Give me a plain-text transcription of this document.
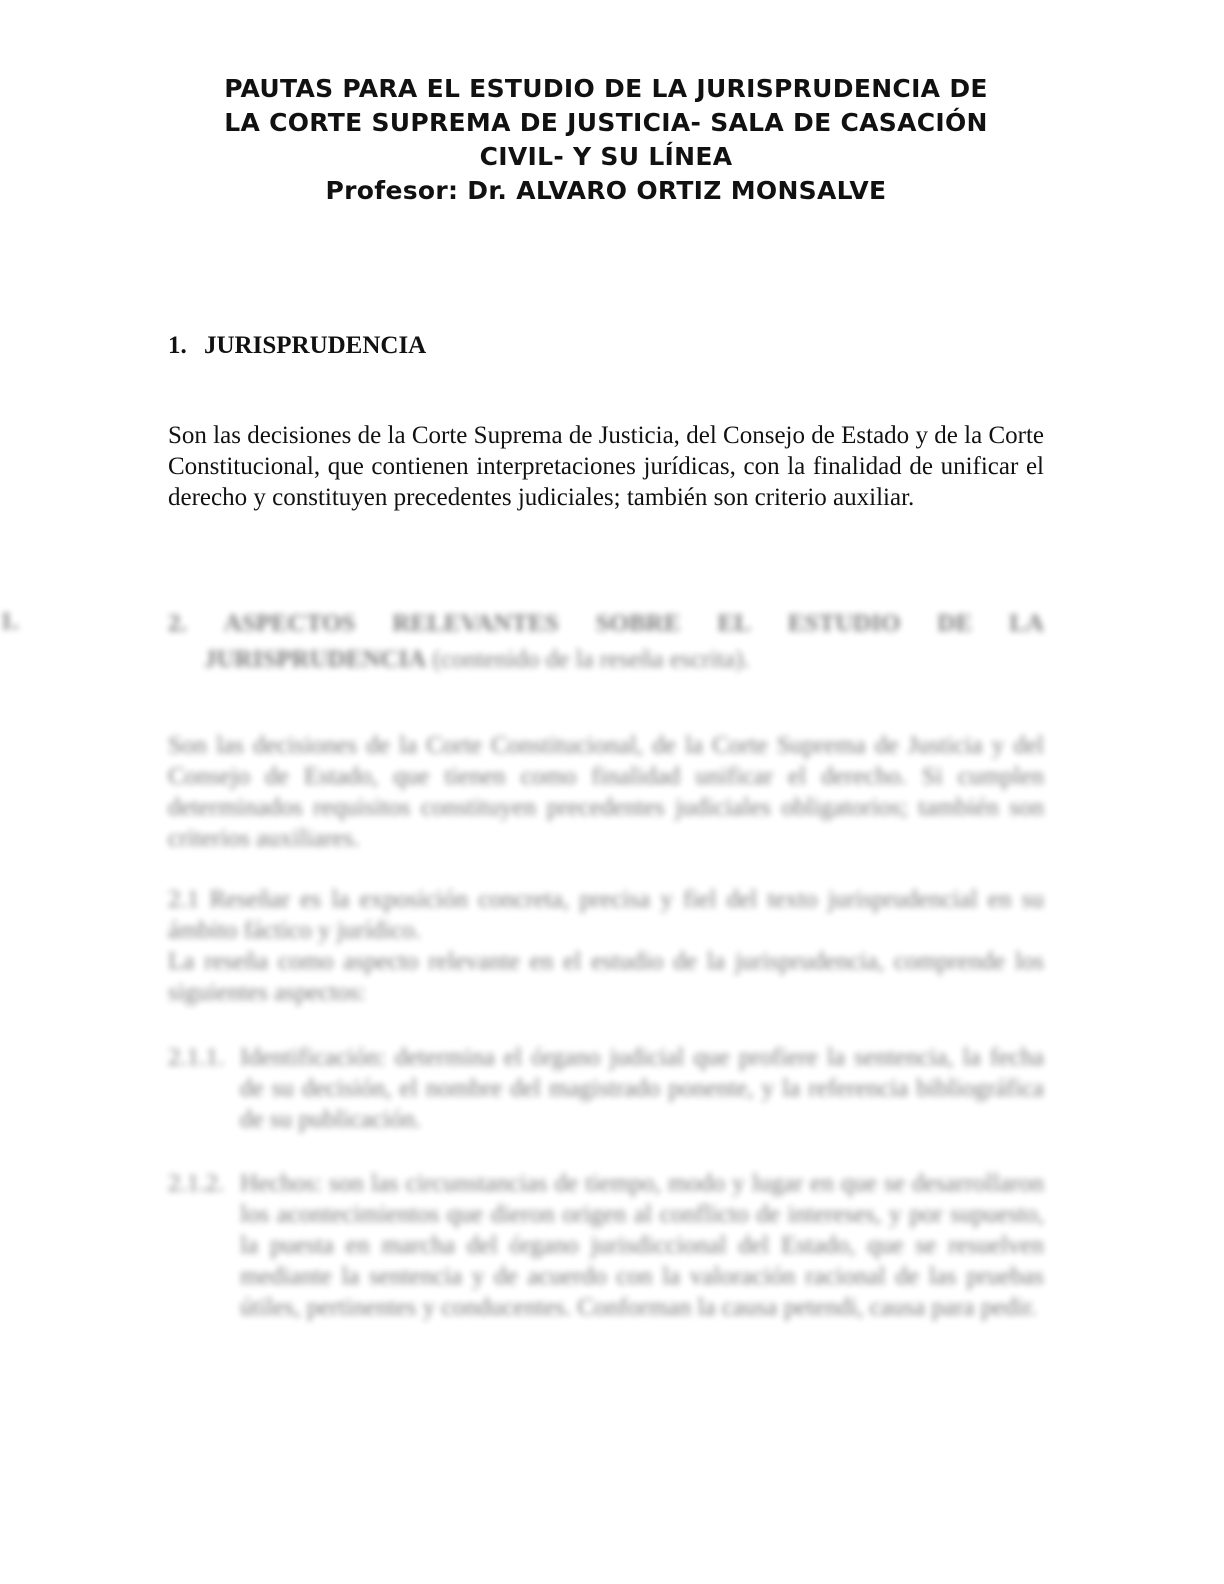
PAUTAS PARA EL ESTUDIO DE LA JURISPRUDENCIA DE
LA CORTE SUPREMA DE JUSTICIA- SALA DE CASACIÓN
CIVIL- Y SU LÍNEA
Profesor: Dr. ALVARO ORTIZ MONSALVE
1. JURISPRUDENCIA

Son las decisiones de la Corte Suprema de Justicia, del Consejo de Estado y de la Corte Constitucional, que contienen interpretaciones jurídicas, con la finalidad de unificar el derecho y constituyen precedentes judiciales; también son criterio auxiliar.

1.	2. ASPECTOS RELEVANTES SOBRE EL ESTUDIO DE LA
JURISPRUDENCIA (contenido de la reseña escrita).

Son las decisiones de la Corte Constitucional, de la Corte Suprema de Justicia y del Consejo de Estado, que tienen como finalidad unificar el derecho. Si cumplen determinados requisitos constituyen precedentes judiciales obligatorios; también son criterios auxiliares.

2.1 Reseñar es la exposición concreta, precisa y fiel del texto jurisprudencial en su ámbito fáctico y jurídico.

La reseña como aspecto relevante en el estudio de la jurisprudencia, comprende los siguientes aspectos:

2.1.1. Identificación: determina el órgano judicial que profiere la sentencia, la fecha de su decisión, el nombre del magistrado ponente, y la referencia bibliográfica de su publicación.
2.1.2. Hechos: son las circunstancias de tiempo, modo y lugar en que se desarrollaron los acontecimientos que dieron origen al conflicto de intereses, y por supuesto, la puesta en marcha del órgano jurisdiccional del Estado, que se resuelven mediante la sentencia y de acuerdo con la valoración racional de las pruebas útiles, pertinentes y conducentes. Conforman la causa petendi, causa para pedir.
